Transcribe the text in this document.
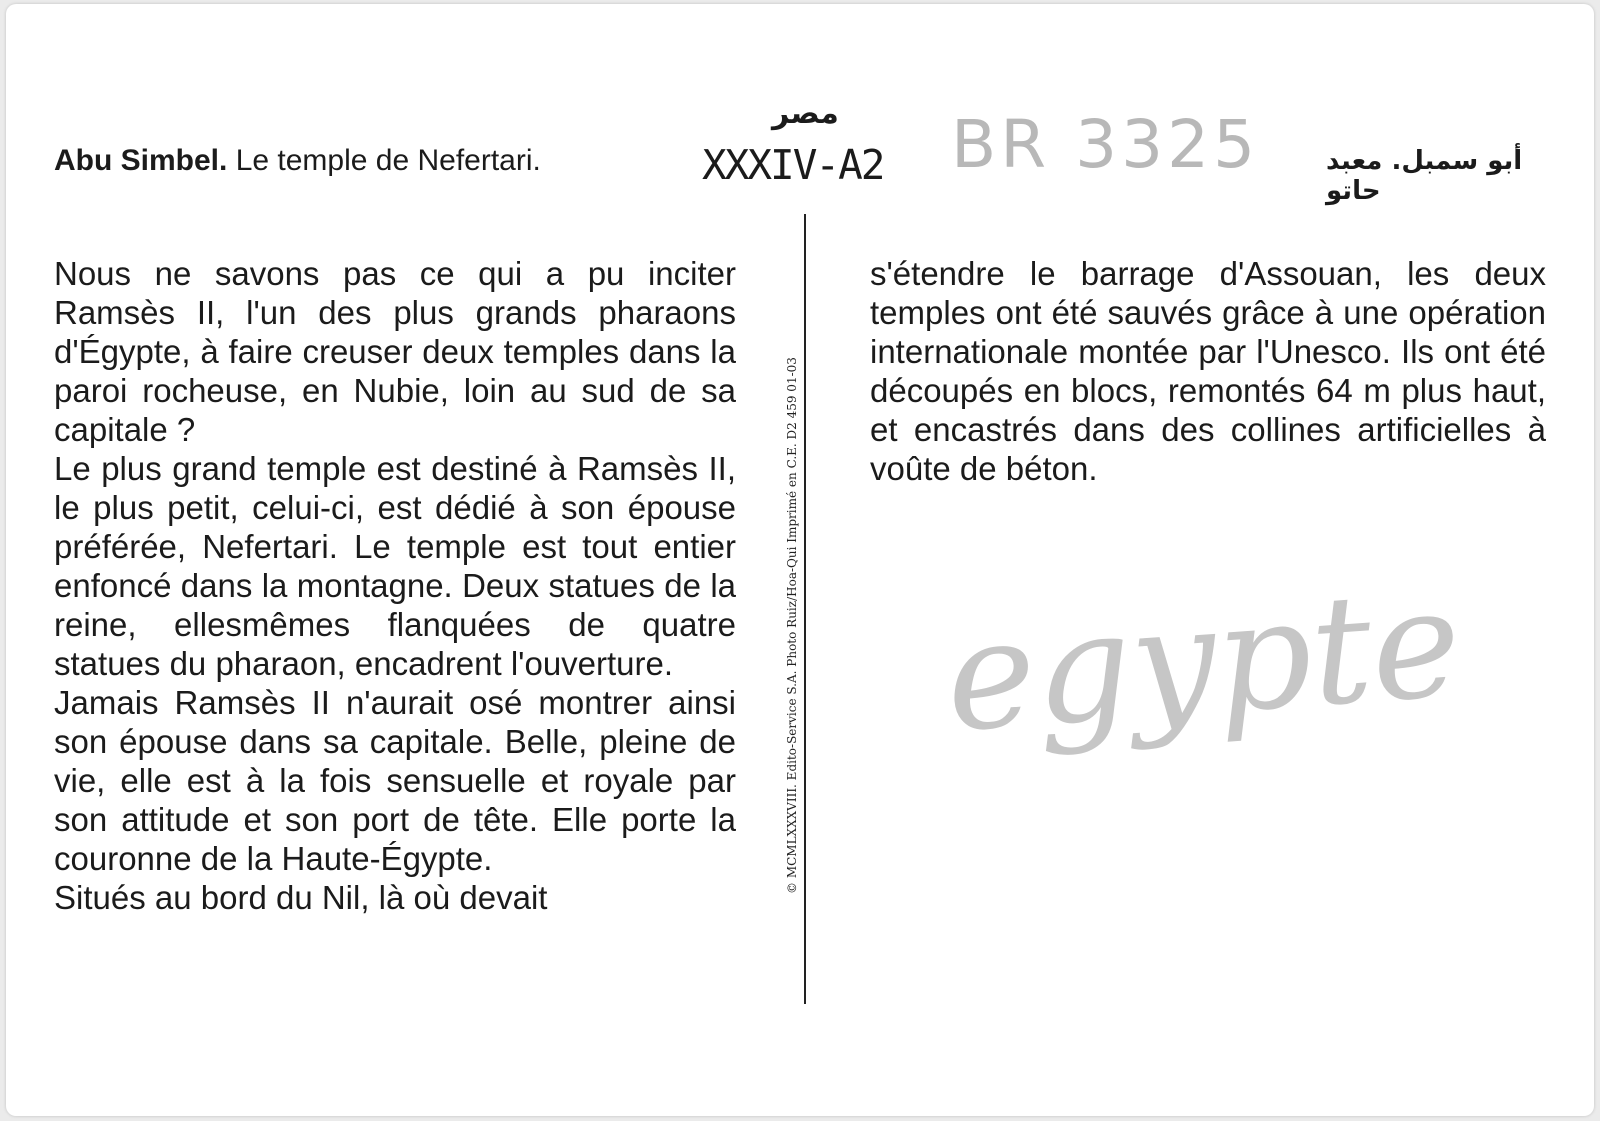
Abu Simbel. Le temple de Nefertari.	XXXIV-A2
مصر
أبو سمبل. معبد حاتو
BR 3325
egypte

Nous ne savons pas ce qui a pu inciter Ramsès II, l'un des plus grands pharaons d'Égypte, à faire creuser deux temples dans la paroi rocheuse, en Nubie, loin au sud de sa capitale ?

Le plus grand temple est destiné à Ramsès II, le plus petit, celui-ci, est dédié à son épouse préférée, Nefertari. Le temple est tout entier enfoncé dans la montagne. Deux statues de la reine, ellesmêmes flanquées de quatre statues du pharaon, encadrent l'ouverture.

Jamais Ramsès II n'aurait osé montrer ainsi son épouse dans sa capitale. Belle, pleine de vie, elle est à la fois sensuelle et royale par son attitude et son port de tête. Elle porte la couronne de la Haute-Égypte.

Situés au bord du Nil, là où devait

© MCMLXXXVIII. Edito-Service S.A. Photo Ruiz/Hoa-Qui Imprimé en C.E. D2 459 01-03

s'étendre le barrage d'Assouan, les deux temples ont été sauvés grâce à une opération internationale montée par l'Unesco. Ils ont été découpés en blocs, remontés 64 m plus haut, et encastrés dans des collines artificielles à voûte de béton.
